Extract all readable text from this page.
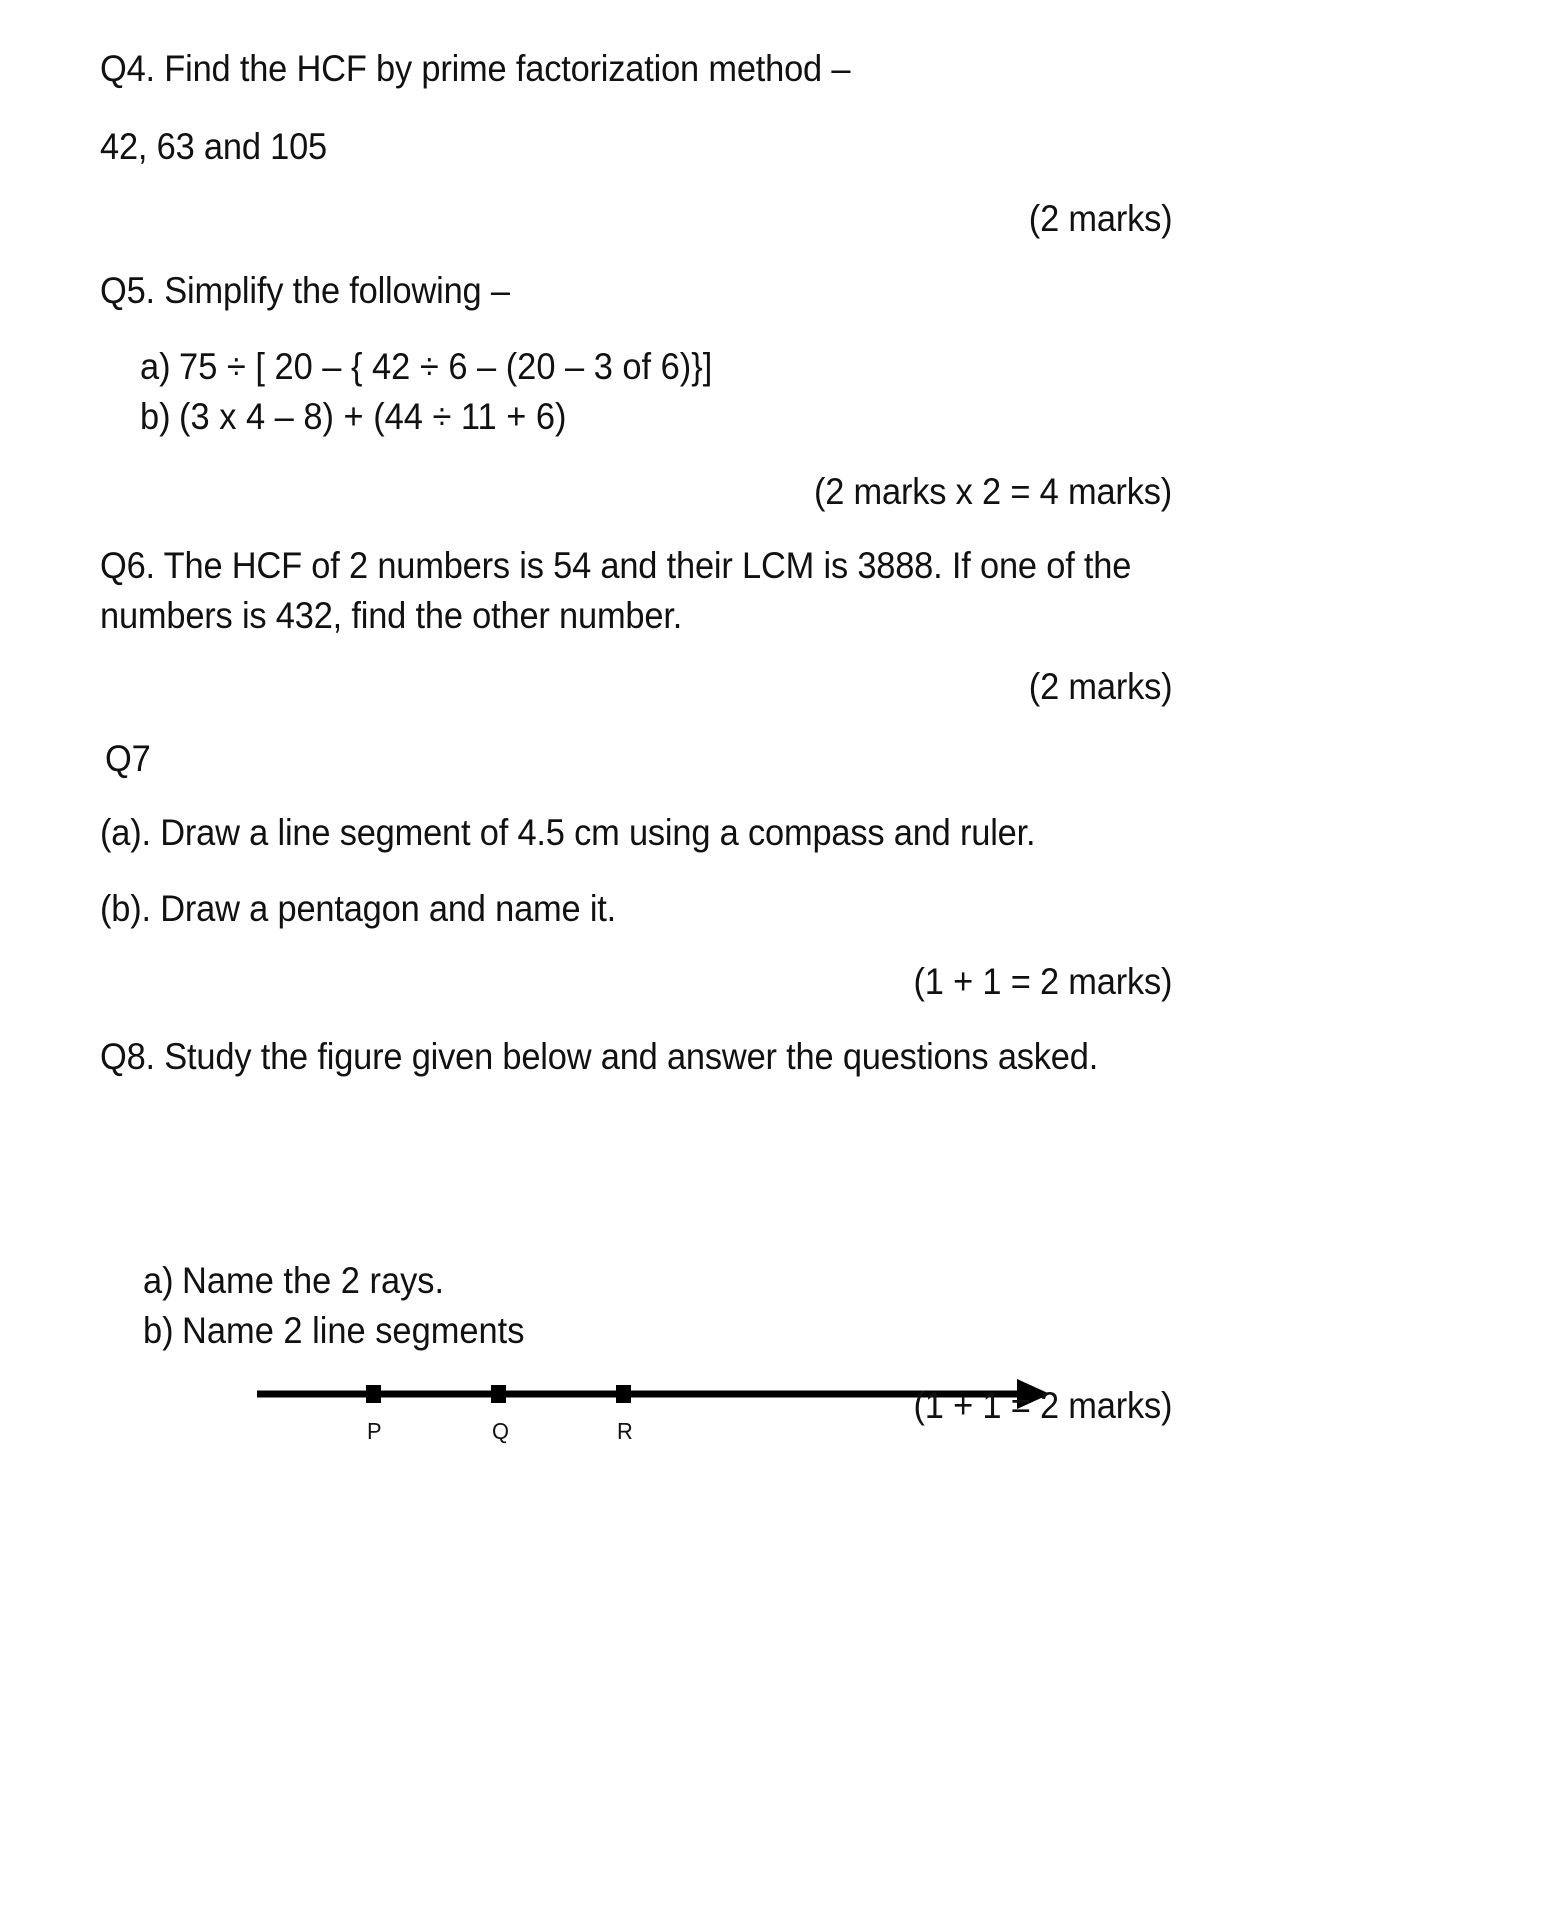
Q4. Find the HCF by prime factorization method –
42, 63 and 105
(2 marks)
Q5. Simplify the following –
a) 75 ÷ [ 20 – { 42 ÷ 6 – (20 – 3 of 6)}]
b) (3 x 4 – 8) + (44 ÷ 11 + 6)
(2 marks x 2 = 4 marks)
Q6. The HCF of 2 numbers is 54 and their LCM is 3888. If one of the
numbers is 432, find the other number.
(2 marks)
Q7
(a). Draw a line segment of 4.5 cm using a compass and ruler.
(b). Draw a pentagon and name it.
(1 + 1 = 2 marks)
Q8. Study the figure given below and answer the questions asked.
P	Q	R
a) Name the 2 rays.
b) Name 2 line segments
(1 + 1 = 2 marks)
